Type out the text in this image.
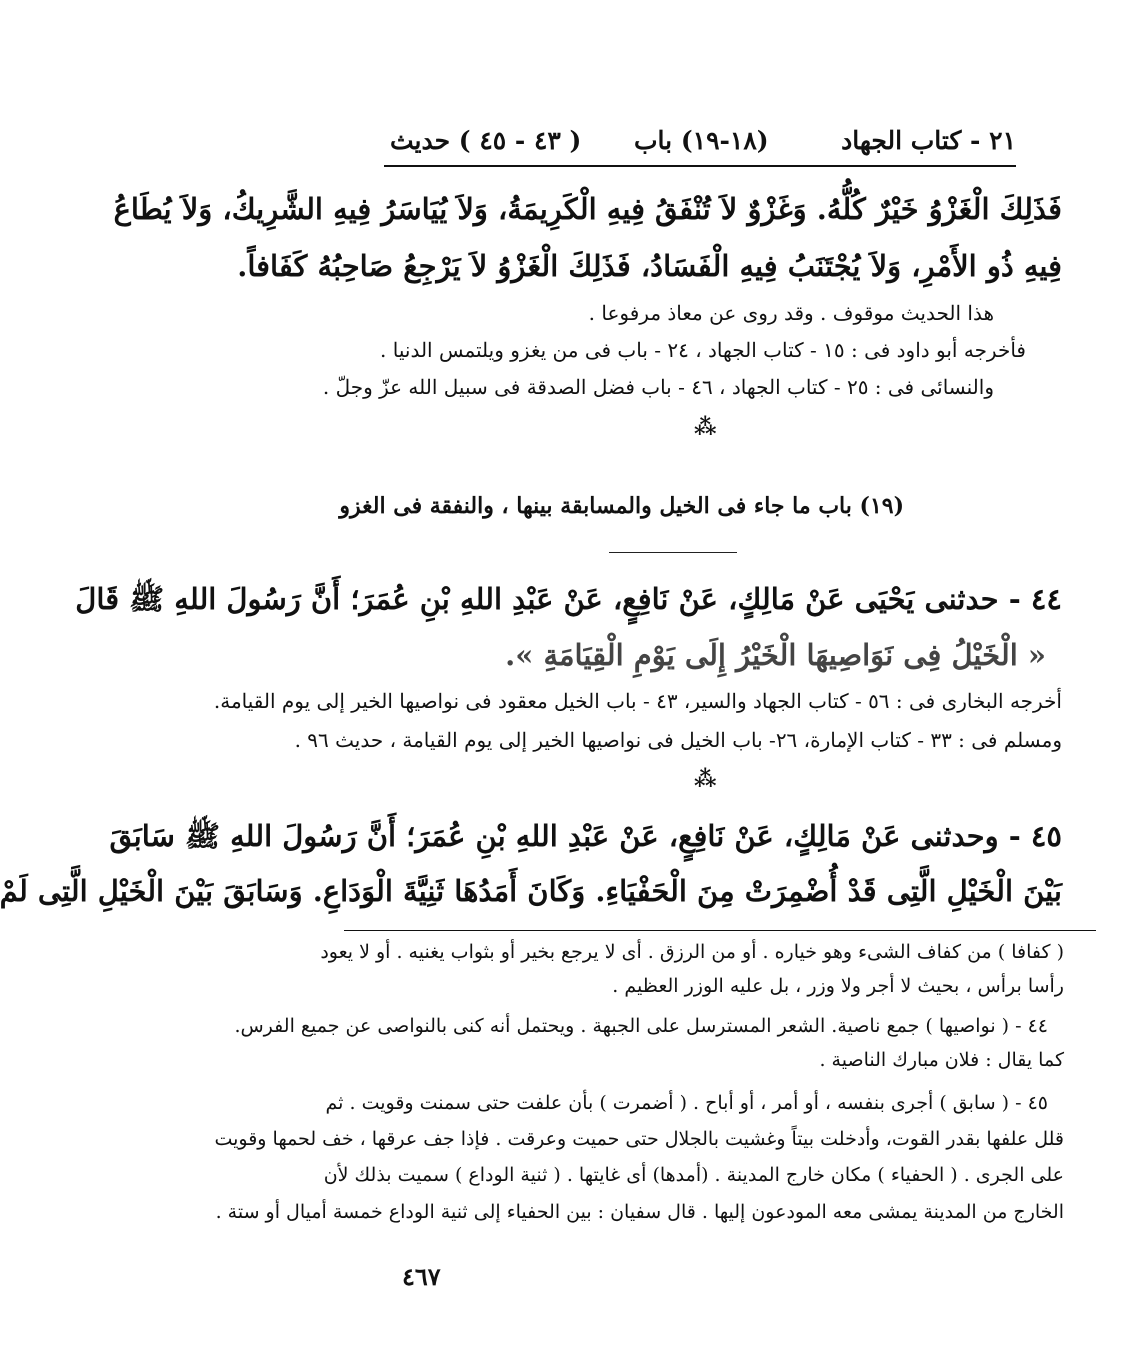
٢١ - كتاب الجهاد
(١٨-١٩) باب
( ٤٣ - ٤٥ ) حديث
فَذَلِكَ الْغَزْوُ خَيْرٌ كُلُّهُ. وَغَزْوٌ لاَ تُنْفَقُ فِيهِ الْكَرِيمَةُ، وَلاَ يُيَاسَرُ فِيهِ الشَّرِيكُ، وَلاَ يُطَاعُ
فِيهِ ذُو الأَمْرِ، وَلاَ يُجْتَنَبُ فِيهِ الْفَسَادُ، فَذَلِكَ الْغَزْوُ لاَ يَرْجِعُ صَاحِبُهُ كَفَافاً.
هذا الحديث موقوف . وقد روى عن معاذ مرفوعا .
فأخرجه أبو داود فى : ١٥ - كتاب الجهاد ، ٢٤ - باب فى من يغزو ويلتمس الدنيا .
والنسائى فى : ٢٥ - كتاب الجهاد ، ٤٦ - باب فضل الصدقة فى سبيل الله عزّ وجلّ .
⁂
(١٩) باب ما جاء فى الخيل والمسابقة بينها ، والنفقة فى الغزو
٤٤ - حدثنى يَحْيَى عَنْ مَالِكٍ، عَنْ نَافِعٍ، عَنْ عَبْدِ اللهِ بْنِ عُمَرَ؛ أَنَّ رَسُولَ اللهِ ﷺ قَالَ
« الْخَيْلُ فِى نَوَاصِيهَا الْخَيْرُ إِلَى يَوْمِ الْقِيَامَةِ ».
أخرجه البخارى فى : ٥٦ - كتاب الجهاد والسير، ٤٣ - باب الخيل معقود فى نواصيها الخير إلى يوم القيامة.
ومسلم فى : ٣٣ - كتاب الإمارة، ٢٦- باب الخيل فى نواصيها الخير إلى يوم القيامة ، حديث ٩٦ .
⁂
٤٥ - وحدثنى عَنْ مَالِكٍ، عَنْ نَافِعٍ، عَنْ عَبْدِ اللهِ بْنِ عُمَرَ؛ أَنَّ رَسُولَ اللهِ ﷺ سَابَقَ
بَيْنَ الْخَيْلِ الَّتِى قَدْ أُضْمِرَتْ مِنَ الْحَفْيَاءِ. وَكَانَ أَمَدُهَا ثَنِيَّةَ الْوَدَاعِ. وَسَابَقَ بَيْنَ الْخَيْلِ الَّتِى لَمْ
( كفافا ) من كفاف الشىء وهو خياره . أو من الرزق . أى لا يرجع بخير أو بثواب يغنيه . أو لا يعود
رأسا برأس ، بحيث لا أجر ولا وزر ، بل عليه الوزر العظيم .
٤٤ - ( نواصيها ) جمع ناصية. الشعر المسترسل على الجبهة . ويحتمل أنه كنى بالنواصى عن جميع الفرس.
كما يقال : فلان مبارك الناصية .
٤٥ - ( سابق ) أجرى بنفسه ، أو أمر ، أو أباح . ( أضمرت ) بأن علفت حتى سمنت وقويت . ثم
قلل علفها بقدر القوت، وأدخلت بيتاً وغشيت بالجلال حتى حميت وعرقت . فإذا جف عرقها ، خف لحمها وقويت
على الجرى . ( الحفياء ) مكان خارج المدينة . (أمدها) أى غايتها . ( ثنية الوداع ) سميت بذلك لأن
الخارج من المدينة يمشى معه المودعون إليها . قال سفيان : بين الحفياء إلى ثنية الوداع خمسة أميال أو ستة .
٤٦٧
